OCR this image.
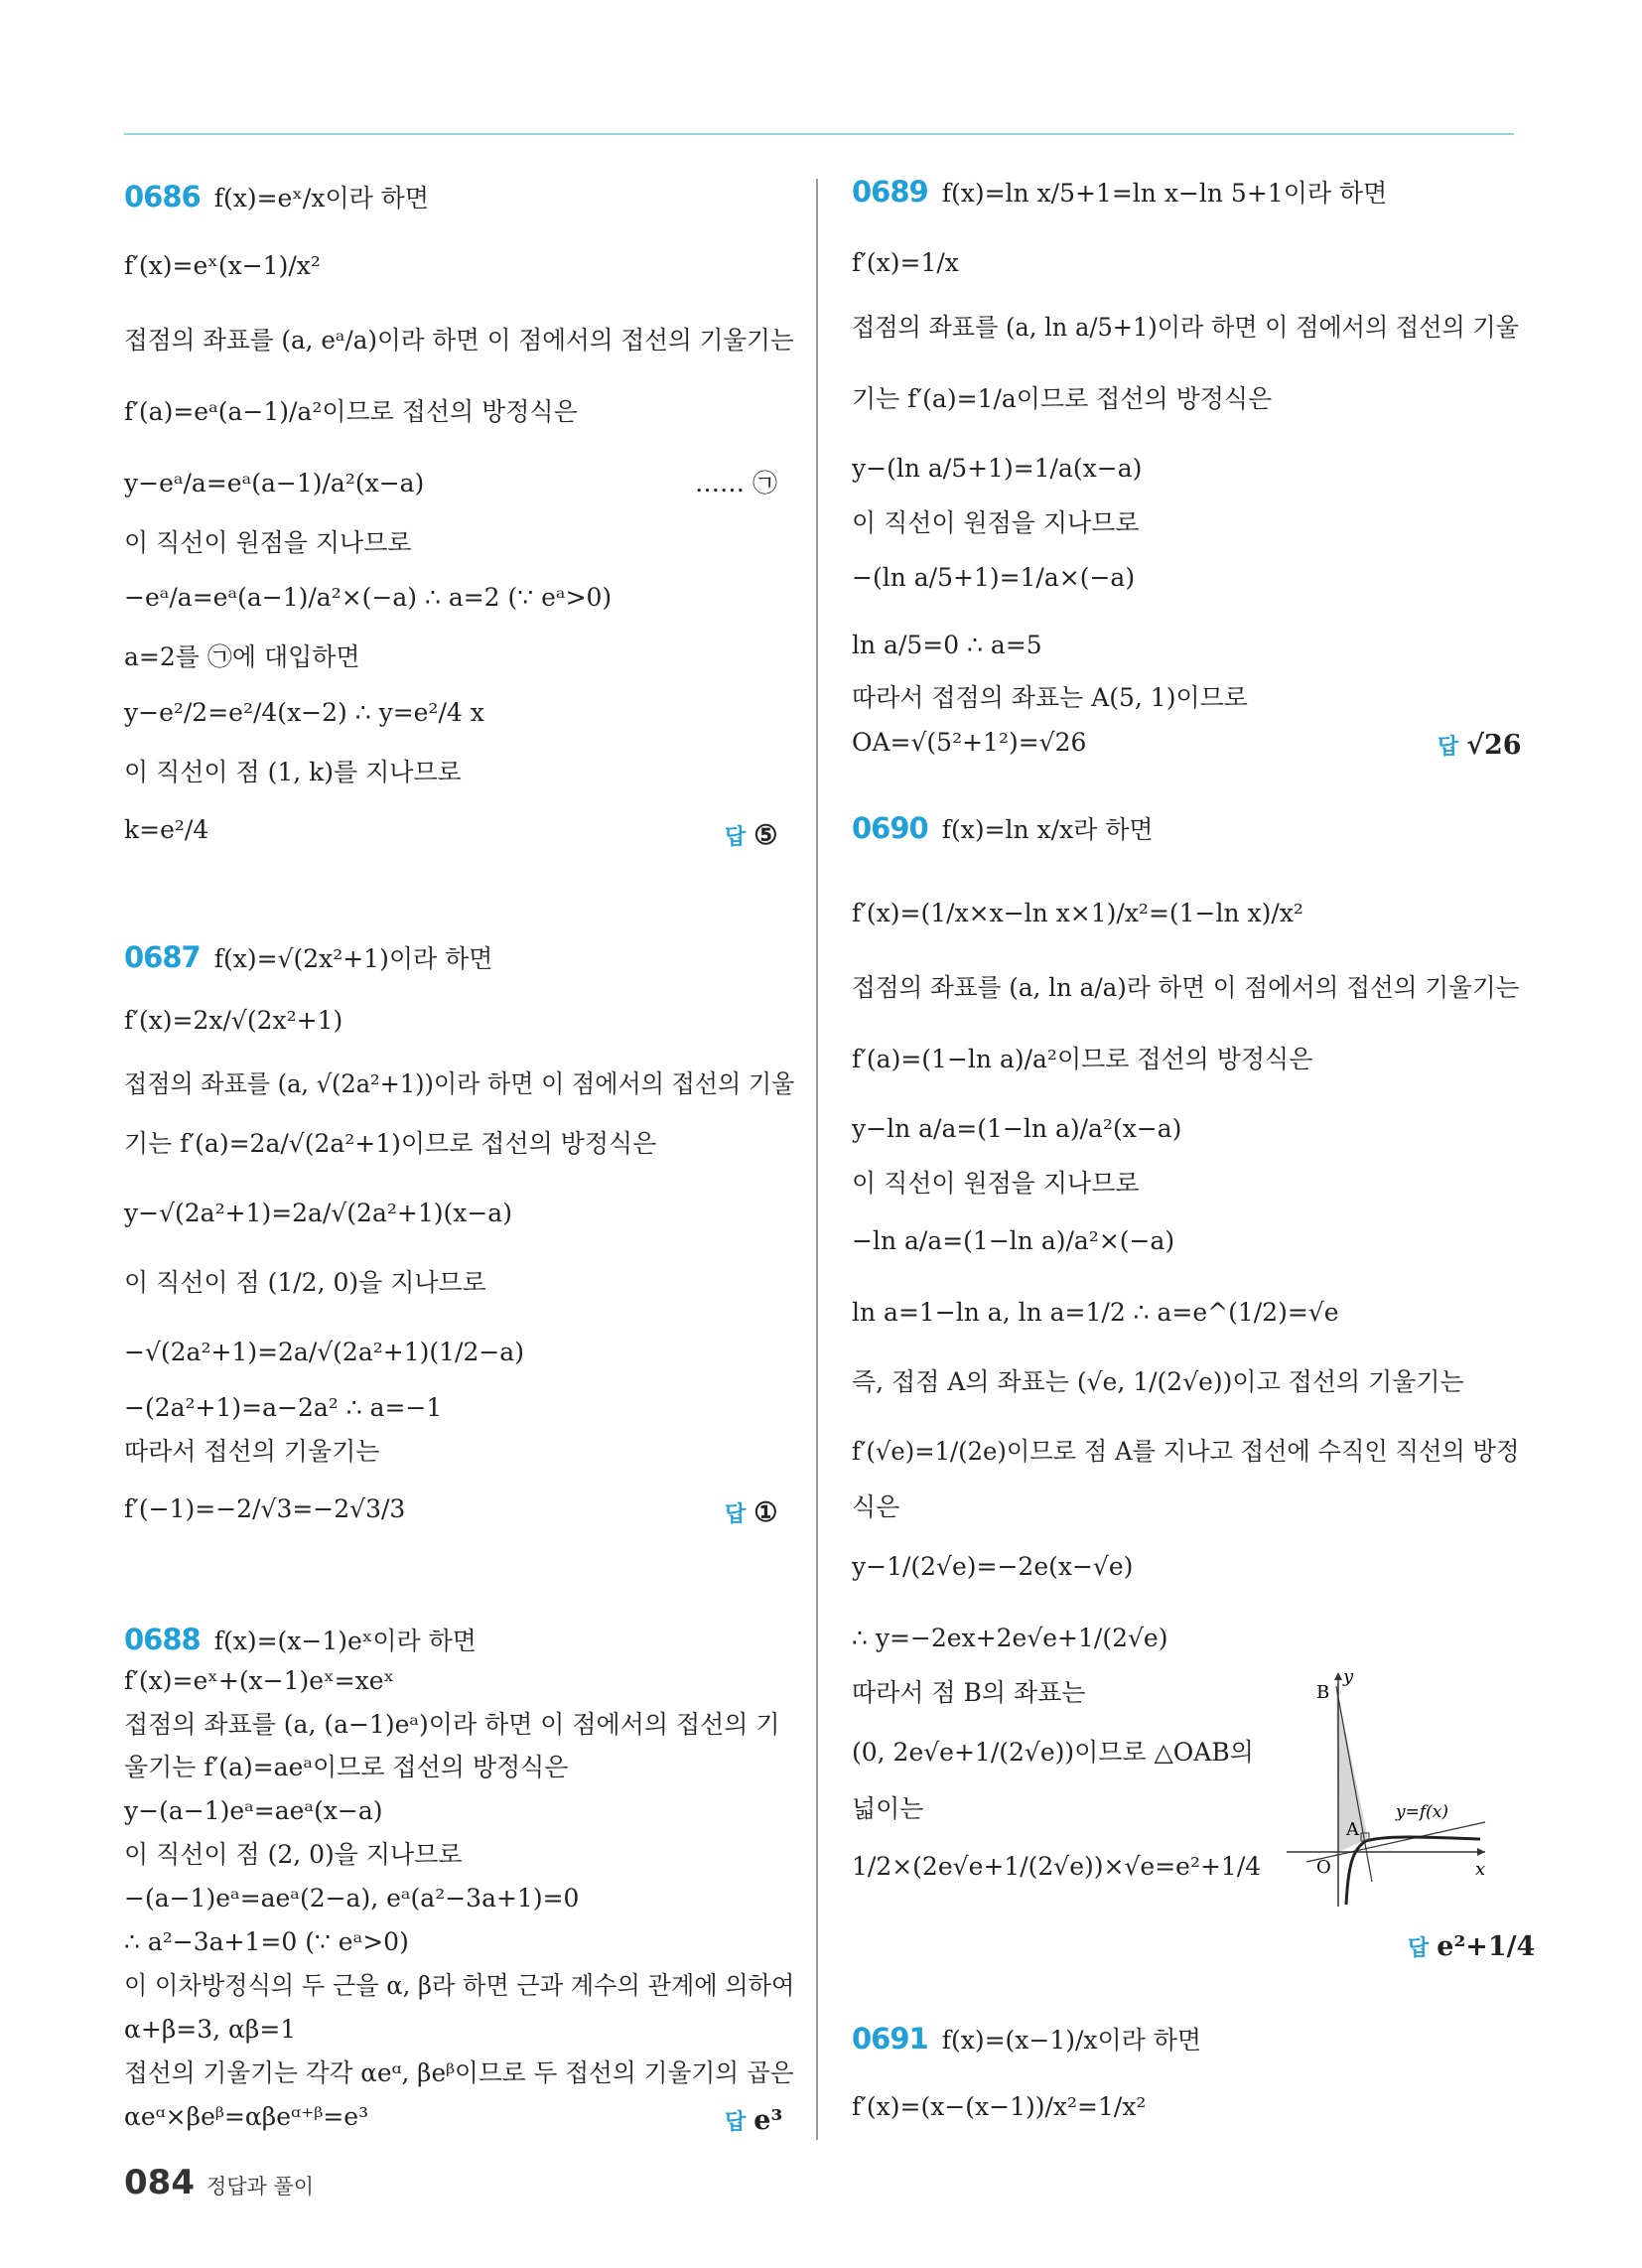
0686 f(x)=eˣ/x이라 하면
f′(x)=eˣ(x−1)/x²
접점의 좌표를 (a, eᵃ/a)이라 하면 이 점에서의 접선의 기울기는
f′(a)=eᵃ(a−1)/a²이므로 접선의 방정식은
y−eᵃ/a=eᵃ(a−1)/a²(x−a)	…… ㉠
이 직선이 원점을 지나므로
−eᵃ/a=eᵃ(a−1)/a²×(−a) ∴ a=2 (∵ eᵃ>0)
a=2를 ㉠에 대입하면
y−e²/2=e²/4(x−2) ∴ y=e²/4 x
이 직선이 점 (1, k)를 지나므로
k=e²/4
0687 f(x)=√(2x²+1)이라 하면
f′(x)=2x/√(2x²+1)
접점의 좌표를 (a, √(2a²+1))이라 하면 이 점에서의 접선의 기울
기는 f′(a)=2a/√(2a²+1)이므로 접선의 방정식은
y−√(2a²+1)=2a/√(2a²+1)(x−a)
이 직선이 점 (1/2, 0)을 지나므로
−√(2a²+1)=2a/√(2a²+1)(1/2−a)
−(2a²+1)=a−2a² ∴ a=−1
따라서 접선의 기울기는
f′(−1)=−2/√3=−2√3/3
0688 f(x)=(x−1)eˣ이라 하면
f′(x)=eˣ+(x−1)eˣ=xeˣ
접점의 좌표를 (a, (a−1)eᵃ)이라 하면 이 점에서의 접선의 기
울기는 f′(a)=aeᵃ이므로 접선의 방정식은
y−(a−1)eᵃ=aeᵃ(x−a)
이 직선이 점 (2, 0)을 지나므로
−(a−1)eᵃ=aeᵃ(2−a), eᵃ(a²−3a+1)=0
∴ a²−3a+1=0 (∵ eᵃ>0)
이 이차방정식의 두 근을 α, β라 하면 근과 계수의 관계에 의하여
α+β=3, αβ=1
접선의 기울기는 각각 αeᵅ, βeᵝ이므로 두 접선의 기울기의 곱은
αeᵅ×βeᵝ=αβeᵅ⁺ᵝ=e³
0689 f(x)=ln x/5+1=ln x−ln 5+1이라 하면
f′(x)=1/x
접점의 좌표를 (a, ln a/5+1)이라 하면 이 점에서의 접선의 기울
기는 f′(a)=1/a이므로 접선의 방정식은
y−(ln a/5+1)=1/a(x−a)
이 직선이 원점을 지나므로
−(ln a/5+1)=1/a×(−a)
ln a/5=0 ∴ a=5
따라서 접점의 좌표는 A(5, 1)이므로
OA=√(5²+1²)=√26
0690 f(x)=ln x/x라 하면
f′(x)=(1/x×x−ln x×1)/x²=(1−ln x)/x²
접점의 좌표를 (a, ln a/a)라 하면 이 점에서의 접선의 기울기는
f′(a)=(1−ln a)/a²이므로 접선의 방정식은
y−ln a/a=(1−ln a)/a²(x−a)
이 직선이 원점을 지나므로
−ln a/a=(1−ln a)/a²×(−a)
ln a=1−ln a, ln a=1/2 ∴ a=e^(1/2)=√e
즉, 접점 A의 좌표는 (√e, 1/(2√e))이고 접선의 기울기는
f′(√e)=1/(2e)이므로 점 A를 지나고 접선에 수직인 직선의 방정
식은
y−1/(2√e)=−2e(x−√e)
∴ y=−2ex+2e√e+1/(2√e)
따라서 점 B의 좌표는
(0, 2e√e+1/(2√e))이므로 △OAB의
넓이는
1/2×(2e√e+1/(2√e))×√e=e²+1/4
0691 f(x)=(x−1)/x이라 하면
f′(x)=(x−(x−1))/x²=1/x²
답 ⑤
답 ①
답 e³
답 √26
답 e²+1/4
y
x
O
A
B
y=f(x)
084 정답과 풀이
